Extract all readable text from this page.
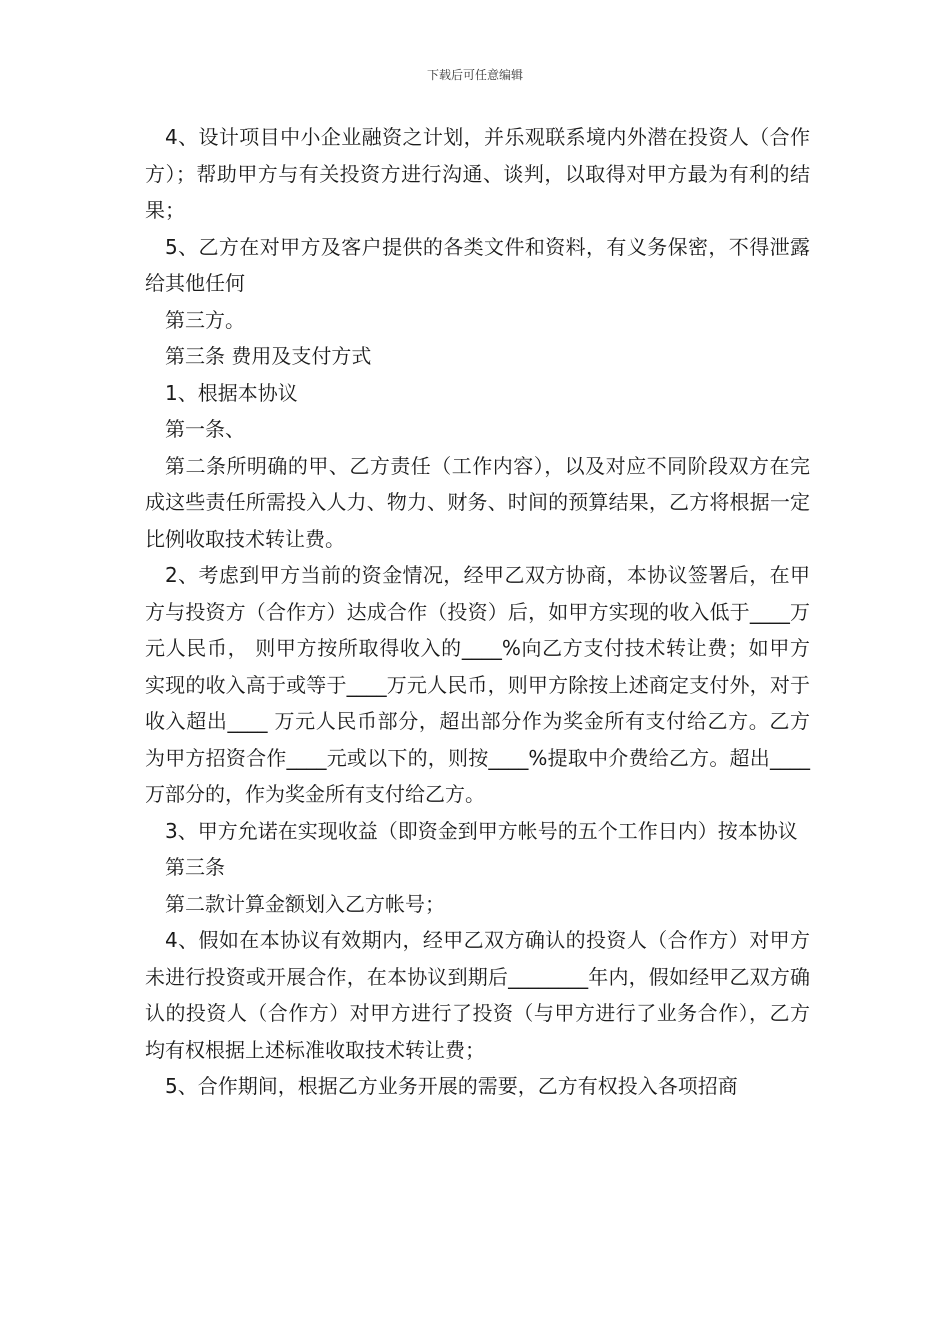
下载后可任意编辑

4、设计项目中小企业融资之计划，并乐观联系境内外潜在投资人（合作方）；帮助甲方与有关投资方进行沟通、谈判，以取得对甲方最为有利的结果；

5、乙方在对甲方及客户提供的各类文件和资料，有义务保密，不得泄露给其他任何

第三方。

第三条 费用及支付方式

1、根据本协议

第一条、

第二条所明确的甲、乙方责任（工作内容），以及对应不同阶段双方在完成这些责任所需投入人力、物力、财务、时间的预算结果，乙方将根据一定比例收取技术转让费。

2、考虑到甲方当前的资金情况，经甲乙双方协商，本协议签署后，在甲方与投资方（合作方）达成合作（投资）后，如甲方实现的收入低于____万元人民币， 则甲方按所取得收入的____%向乙方支付技术转让费；如甲方实现的收入高于或等于____万元人民币，则甲方除按上述商定支付外，对于收入超出____ 万元人民币部分，超出部分作为奖金所有支付给乙方。乙方为甲方招资合作____元或以下的，则按____%提取中介费给乙方。超出____万部分的，作为奖金所有支付给乙方。

3、甲方允诺在实现收益（即资金到甲方帐号的五个工作日内）按本协议

第三条

第二款计算金额划入乙方帐号；

4、假如在本协议有效期内，经甲乙双方确认的投资人（合作方）对甲方未进行投资或开展合作，在本协议到期后________年内，假如经甲乙双方确认的投资人（合作方）对甲方进行了投资（与甲方进行了业务合作），乙方均有权根据上述标准收取技术转让费；

5、合作期间，根据乙方业务开展的需要，乙方有权投入各项招商
